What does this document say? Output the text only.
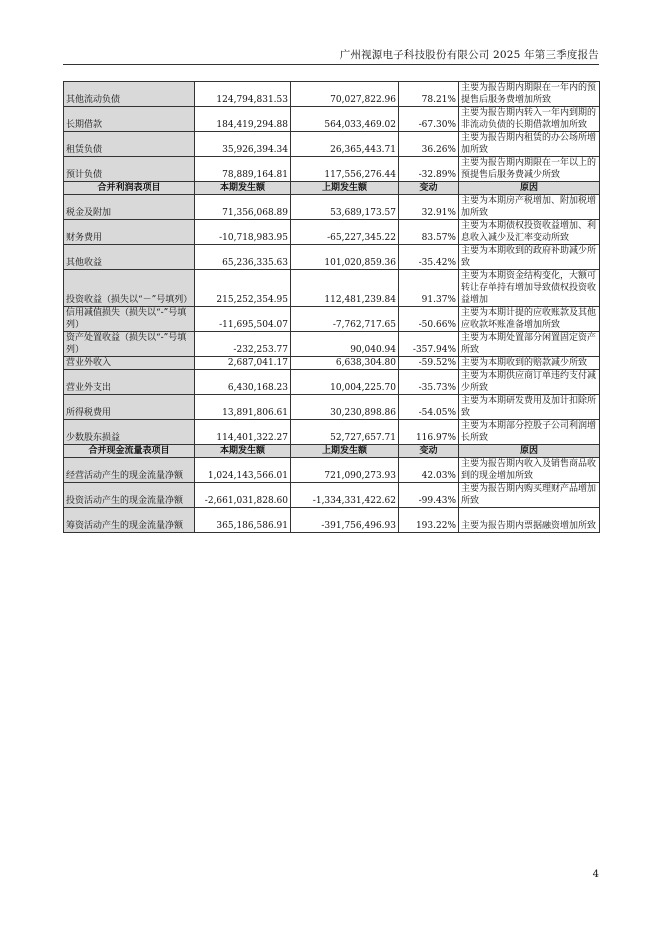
广州视源电子科技股份有限公司 2025 年第三季度报告
其他流动负债	124,794,831.53	70,027,822.96	78.21%	主要为报告期内期限在一年内的预提售后服务费增加所致
长期借款	184,419,294.88	564,033,469.02	-67.30%	主要为报告期内转入一年内到期的非流动负债的长期借款增加所致
租赁负债	35,926,394.34	26,365,443.71	36.26%	主要为报告期内租赁的办公场所增加所致
预计负债	78,889,164.81	117,556,276.44	-32.89%	主要为报告期内期限在一年以上的预提售后服务费减少所致
合并利润表项目	本期发生额	上期发生额	变动	原因
税金及附加	71,356,068.89	53,689,173.57	32.91%	主要为本期房产税增加、附加税增加所致
财务费用	-10,718,983.95	-65,227,345.22	83.57%	主要为本期债权投资收益增加、利息收入减少及汇率变动所致
其他收益	65,236,335.63	101,020,859.36	-35.42%	主要为本期收到的政府补助减少所致
投资收益（损失以“－”号填列）	215,252,354.95	112,481,239.84	91.37%	主要为本期资金结构变化，大额可转让存单持有增加导致债权投资收益增加
信用减值损失（损失以“-”号填列）	-11,695,504.07	-7,762,717.65	-50.66%	主要为本期计提的应收账款及其他应收款坏账准备增加所致
资产处置收益（损失以“-”号填列）	-232,253.77	90,040.94	-357.94%	主要为本期处置部分闲置固定资产所致
营业外收入	2,687,041.17	6,638,304.80	-59.52%	主要为本期收到的赔款减少所致
营业外支出	6,430,168.23	10,004,225.70	-35.73%	主要为本期供应商订单违约支付减少所致
所得税费用	13,891,806.61	30,230,898.86	-54.05%	主要为本期研发费用及加计扣除所致
少数股东损益	114,401,322.27	52,727,657.71	116.97%	主要为本期部分控股子公司利润增长所致
合并现金流量表项目	本期发生额	上期发生额	变动	原因
经营活动产生的现金流量净额	1,024,143,566.01	721,090,273.93	42.03%	主要为报告期内收入及销售商品收到的现金增加所致
投资活动产生的现金流量净额	-2,661,031,828.60	-1,334,331,422.62	-99.43%	主要为报告期内购买理财产品增加所致
筹资活动产生的现金流量净额	365,186,586.91	-391,756,496.93	193.22%	主要为报告期内票据融资增加所致
4
